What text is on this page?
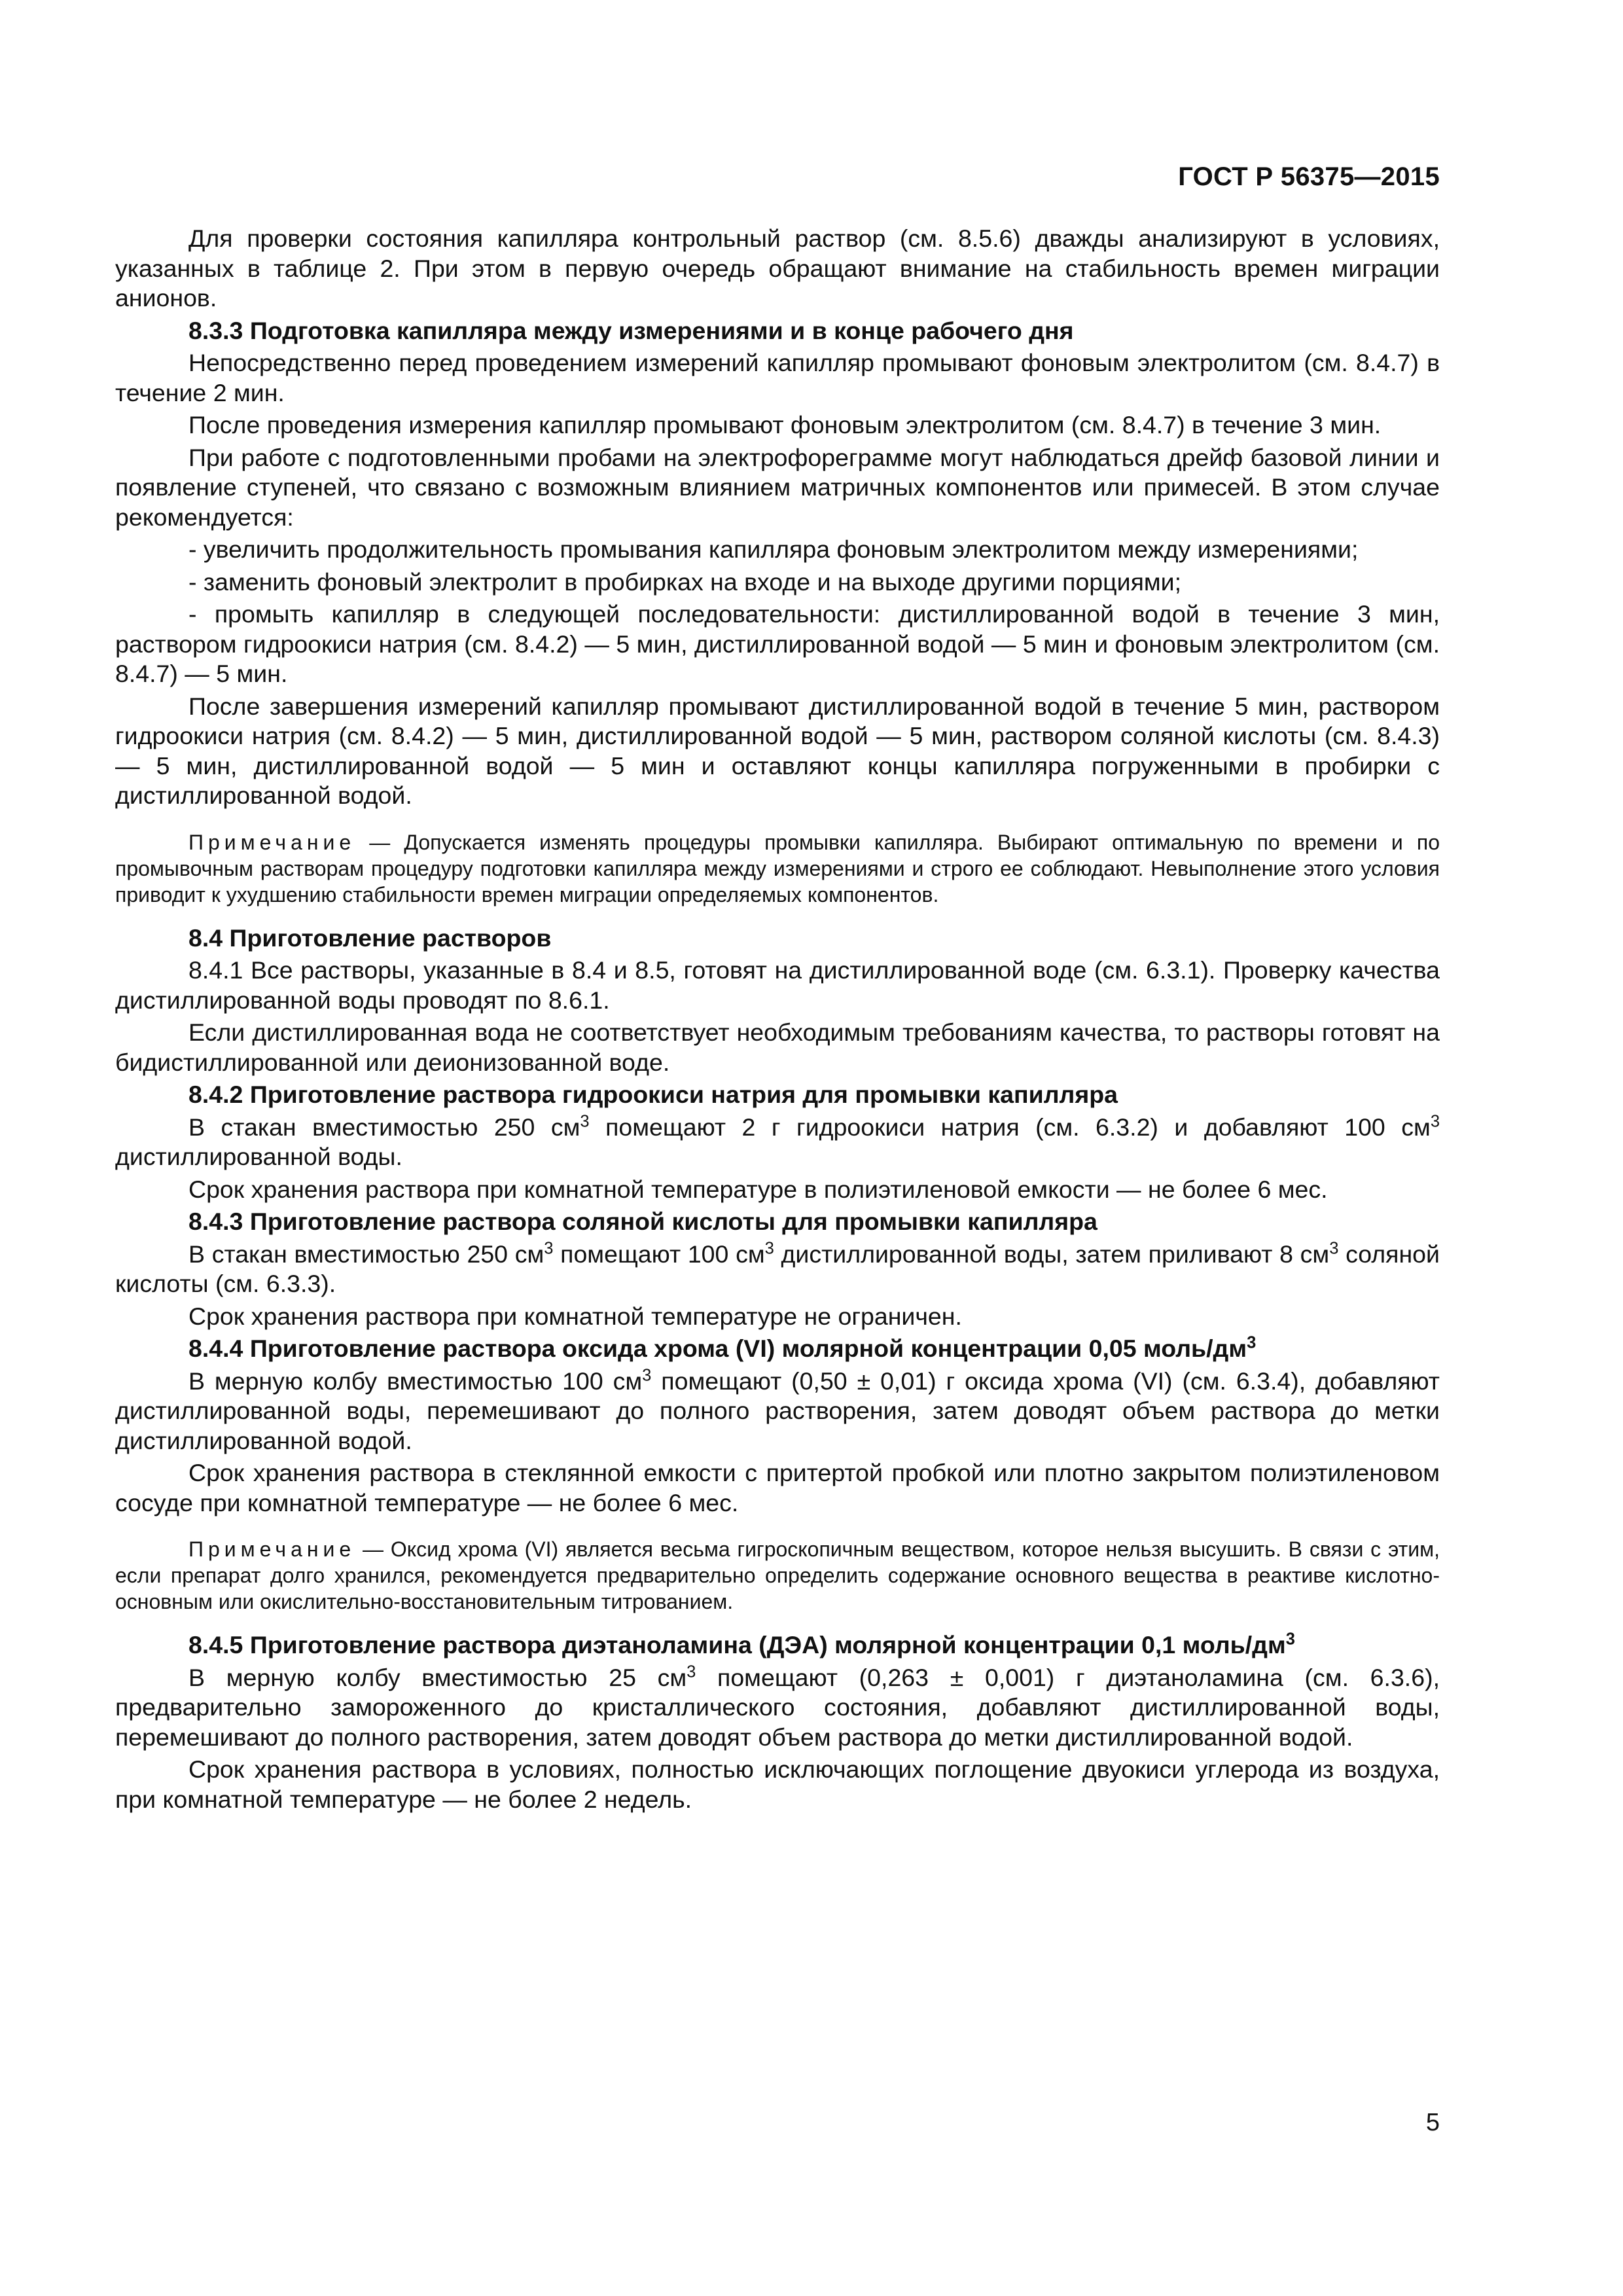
ГОСТ Р 56375—2015

Для проверки состояния капилляра контрольный раствор (см. 8.5.6) дважды анализируют в условиях, указанных в таблице 2. При этом в первую очередь обращают внимание на стабильность времен миграции анионов.

8.3.3 Подготовка капилляра между измерениями и в конце рабочего дня

Непосредственно перед проведением измерений капилляр промывают фоновым электролитом (см. 8.4.7) в течение 2 мин.

После проведения измерения капилляр промывают фоновым электролитом (см. 8.4.7) в течение 3 мин.

При работе с подготовленными пробами на электрофореграмме могут наблюдаться дрейф базовой линии и появление ступеней, что связано с возможным влиянием матричных компонентов или примесей. В этом случае рекомендуется:

- увеличить продолжительность промывания капилляра фоновым электролитом между измерениями;

- заменить фоновый электролит в пробирках на входе и на выходе другими порциями;

- промыть капилляр в следующей последовательности: дистиллированной водой в течение 3 мин, раствором гидроокиси натрия (см. 8.4.2) — 5 мин, дистиллированной водой — 5 мин и фоновым электролитом (см. 8.4.7) — 5 мин.

После завершения измерений капилляр промывают дистиллированной водой в течение 5 мин, раствором гидроокиси натрия (см. 8.4.2) — 5 мин, дистиллированной водой — 5 мин, раствором соляной кислоты (см. 8.4.3) — 5 мин, дистиллированной водой — 5 мин и оставляют концы капилляра погруженными в пробирки с дистиллированной водой.

Примечание — Допускается изменять процедуры промывки капилляра. Выбирают оптимальную по времени и по промывочным растворам процедуру подготовки капилляра между измерениями и строго ее соблюдают. Невыполнение этого условия приводит к ухудшению стабильности времен миграции определяемых компонентов.
8.4 Приготовление растворов

8.4.1 Все растворы, указанные в 8.4 и 8.5, готовят на дистиллированной воде (см. 6.3.1). Проверку качества дистиллированной воды проводят по 8.6.1.

Если дистиллированная вода не соответствует необходимым требованиям качества, то растворы готовят на бидистиллированной или деионизованной воде.

8.4.2 Приготовление раствора гидроокиси натрия для промывки капилляра

В стакан вместимостью 250 $см^3$ помещают 2 г гидроокиси натрия (см. 6.3.2) и добавляют 100 $см^3$ дистиллированной воды.

Срок хранения раствора при комнатной температуре в полиэтиленовой емкости — не более 6 мес.

8.4.3 Приготовление раствора соляной кислоты для промывки капилляра

В стакан вместимостью 250 $см^3$ помещают 100 $см^3$ дистиллированной воды, затем приливают 8 $см^3$ соляной кислоты (см. 6.3.3).

Срок хранения раствора при комнатной температуре не ограничен.

8.4.4 Приготовление раствора оксида хрома (VI) молярной концентрации 0,05 моль/$дм^3$

В мерную колбу вместимостью 100 $см^3$ помещают (0,50 ± 0,01) г оксида хрома (VI) (см. 6.3.4), добавляют дистиллированной воды, перемешивают до полного растворения, затем доводят объем раствора до метки дистиллированной водой.

Срок хранения раствора в стеклянной емкости с притертой пробкой или плотно закрытом полиэтиленовом сосуде при комнатной температуре — не более 6 мес.

Примечание — Оксид хрома (VI) является весьма гигроскопичным веществом, которое нельзя высушить. В связи с этим, если препарат долго хранился, рекомендуется предварительно определить содержание основного вещества в реактиве кислотно-основным или окислительно-восстановительным титрованием.
8.4.5 Приготовление раствора диэтаноламина (ДЭА) молярной концентрации 0,1 моль/$дм^3$

В мерную колбу вместимостью 25 $см^3$ помещают (0,263 ± 0,001) г диэтаноламина (см. 6.3.6), предварительно замороженного до кристаллического состояния, добавляют дистиллированной воды, перемешивают до полного растворения, затем доводят объем раствора до метки дистиллированной водой.

Срок хранения раствора в условиях, полностью исключающих поглощение двуокиси углерода из воздуха, при комнатной температуре — не более 2 недель.

5
